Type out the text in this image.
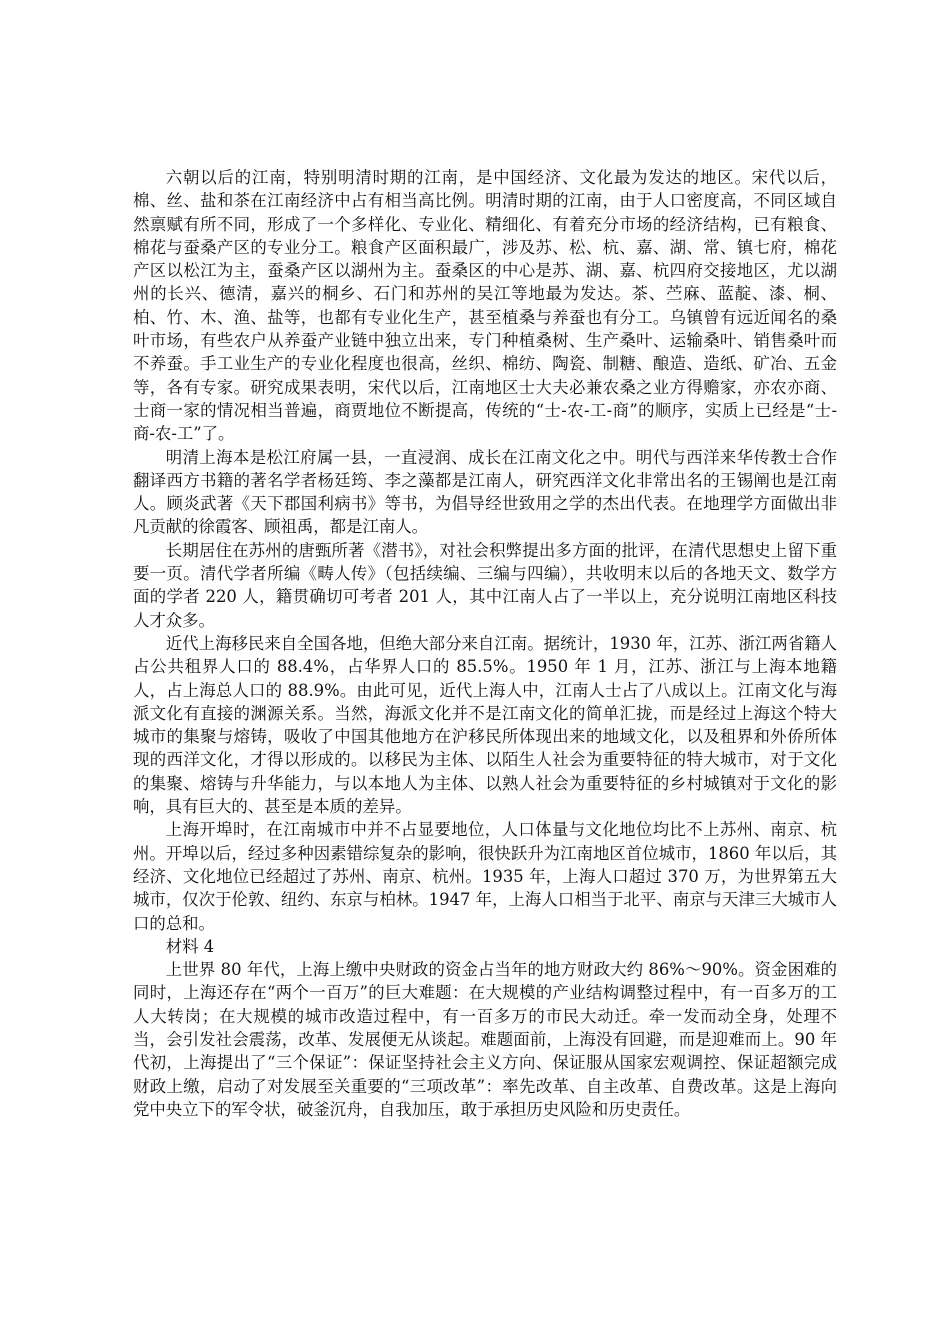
六朝以后的江南，特别明清时期的江南，是中国经济、文化最为发达的地区。宋代以后，棉、丝、盐和茶在江南经济中占有相当高比例。明清时期的江南，由于人口密度高，不同区域自然禀赋有所不同，形成了一个多样化、专业化、精细化、有着充分市场的经济结构，已有粮食、棉花与蚕桑产区的专业分工。粮食产区面积最广，涉及苏、松、杭、嘉、湖、常、镇七府，棉花产区以松江为主，蚕桑产区以湖州为主。蚕桑区的中心是苏、湖、嘉、杭四府交接地区，尤以湖州的长兴、德清，嘉兴的桐乡、石门和苏州的吴江等地最为发达。茶、苎麻、蓝靛、漆、桐、柏、竹、木、渔、盐等，也都有专业化生产，甚至植桑与养蚕也有分工。乌镇曾有远近闻名的桑叶市场，有些农户从养蚕产业链中独立出来，专门种植桑树、生产桑叶、运输桑叶、销售桑叶而不养蚕。手工业生产的专业化程度也很高，丝织、棉纺、陶瓷、制糖、酿造、造纸、矿冶、五金等，各有专家。研究成果表明，宋代以后，江南地区士大夫必兼农桑之业方得赡家，亦农亦商、士商一家的情况相当普遍，商贾地位不断提高，传统的“士-农-工-商”的顺序，实质上已经是“士-商-农-工”了。

明清上海本是松江府属一县，一直浸润、成长在江南文化之中。明代与西洋来华传教士合作翻译西方书籍的著名学者杨廷筠、李之藻都是江南人，研究西洋文化非常出名的王锡阐也是江南人。顾炎武著《天下郡国利病书》等书，为倡导经世致用之学的杰出代表。在地理学方面做出非凡贡献的徐霞客、顾祖禹，都是江南人。

长期居住在苏州的唐甄所著《潜书》，对社会积弊提出多方面的批评，在清代思想史上留下重要一页。清代学者所编《畴人传》（包括续编、三编与四编），共收明末以后的各地天文、数学方面的学者 220 人，籍贯确切可考者 201 人，其中江南人占了一半以上，充分说明江南地区科技人才众多。

近代上海移民来自全国各地，但绝大部分来自江南。据统计，1930 年，江苏、浙江两省籍人占公共租界人口的 88.4%，占华界人口的 85.5%。1950 年 1 月，江苏、浙江与上海本地籍人，占上海总人口的 88.9%。由此可见，近代上海人中，江南人士占了八成以上。江南文化与海派文化有直接的渊源关系。当然，海派文化并不是江南文化的简单汇拢，而是经过上海这个特大城市的集聚与熔铸，吸收了中国其他地方在沪移民所体现出来的地域文化，以及租界和外侨所体现的西洋文化，才得以形成的。以移民为主体、以陌生人社会为重要特征的特大城市，对于文化的集聚、熔铸与升华能力，与以本地人为主体、以熟人社会为重要特征的乡村城镇对于文化的影响，具有巨大的、甚至是本质的差异。

上海开埠时，在江南城市中并不占显要地位，人口体量与文化地位均比不上苏州、南京、杭州。开埠以后，经过多种因素错综复杂的影响，很快跃升为江南地区首位城市，1860 年以后，其经济、文化地位已经超过了苏州、南京、杭州。1935 年，上海人口超过 370 万，为世界第五大城市，仅次于伦敦、纽约、东京与柏林。1947 年，上海人口相当于北平、南京与天津三大城市人口的总和。

材料 4

上世界 80 年代，上海上缴中央财政的资金占当年的地方财政大约 86%～90%。资金困难的同时，上海还存在“两个一百万”的巨大难题：在大规模的产业结构调整过程中，有一百多万的工人大转岗；在大规模的城市改造过程中，有一百多万的市民大动迁。牵一发而动全身，处理不当，会引发社会震荡，改革、发展便无从谈起。难题面前，上海没有回避，而是迎难而上。90 年代初，上海提出了“三个保证”：保证坚持社会主义方向、保证服从国家宏观调控、保证超额完成财政上缴，启动了对发展至关重要的“三项改革”：率先改革、自主改革、自费改革。这是上海向党中央立下的军令状，破釜沉舟，自我加压，敢于承担历史风险和历史责任。
